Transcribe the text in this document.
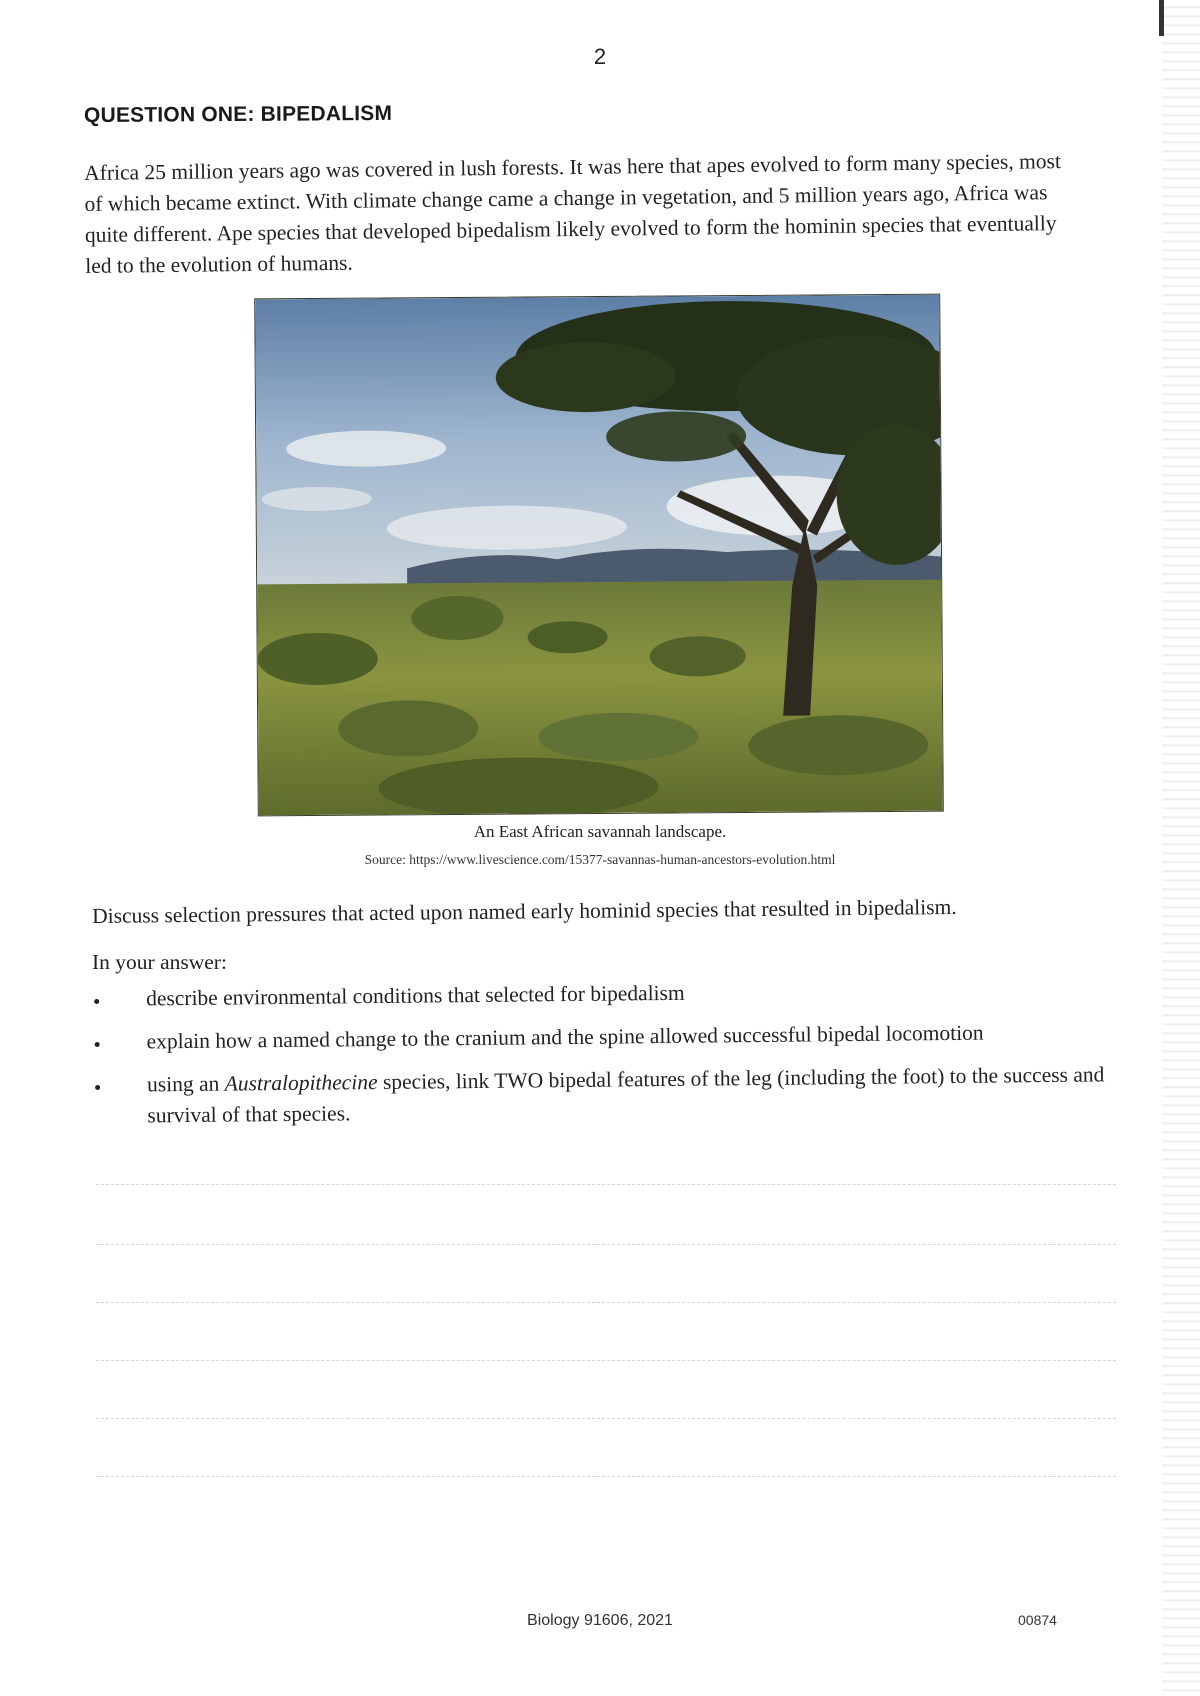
2
QUESTION ONE: BIPEDALISM

Africa 25 million years ago was covered in lush forests. It was here that apes evolved to form many species, most of which became extinct. With climate change came a change in vegetation, and 5 million years ago, Africa was quite different. Ape species that developed bipedalism likely evolved to form the hominin species that eventually led to the evolution of humans.

An East African savannah landscape.

Source: https://www.livescience.com/15377-savannas-human-ancestors-evolution.html

Discuss selection pressures that acted upon named early hominid species that resulted in bipedalism.

In your answer:

describe environmental conditions that selected for bipedalism
explain how a named change to the cranium and the spine allowed successful bipedal locomotion
using an Australopithecine species, link TWO bipedal features of the leg (including the foot) to the success and survival of that species.
Biology 91606, 2021	00874
